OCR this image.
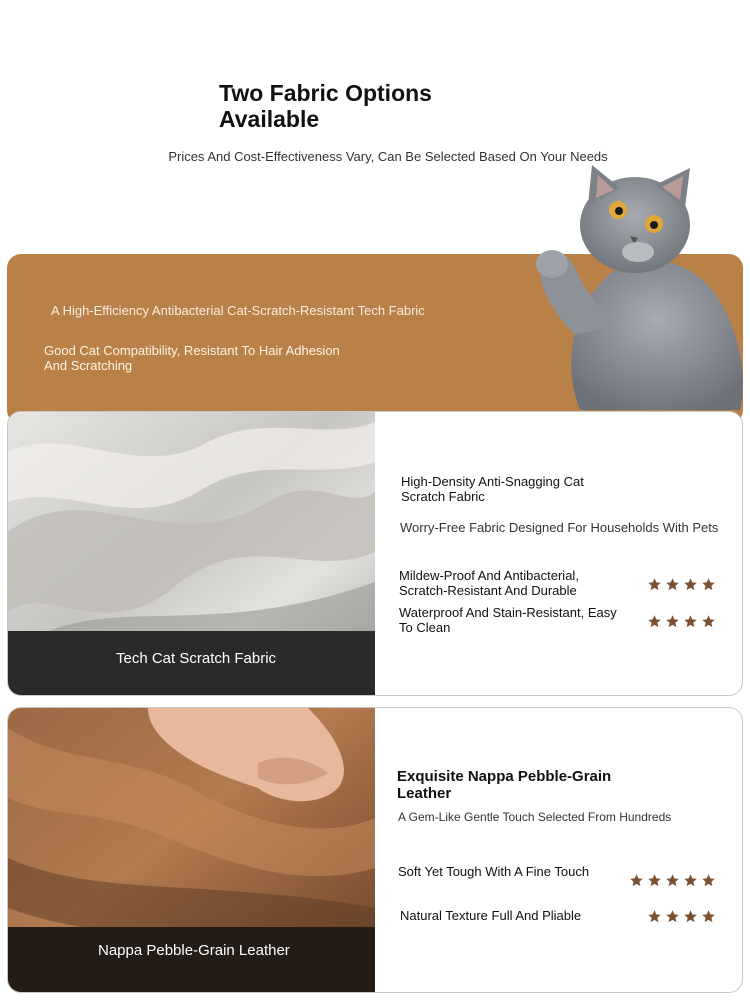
Two Fabric Options Available
Prices And Cost-Effectiveness Vary, Can Be Selected Based On Your Needs
A High-Efficiency Antibacterial Cat-Scratch-Resistant Tech Fabric
Good Cat Compatibility, Resistant To Hair Adhesion And Scratching
Tech Cat Scratch Fabric
High-Density Anti-Snagging Cat Scratch Fabric
Worry-Free Fabric Designed For Households With Pets
Mildew-Proof And Antibacterial, Scratch-Resistant And Durable
Waterproof And Stain-Resistant, Easy To Clean
Nappa Pebble-Grain Leather
Exquisite Nappa Pebble-Grain Leather
A Gem-Like Gentle Touch Selected From Hundreds
Soft Yet Tough With A Fine Touch
Natural Texture Full And Pliable
